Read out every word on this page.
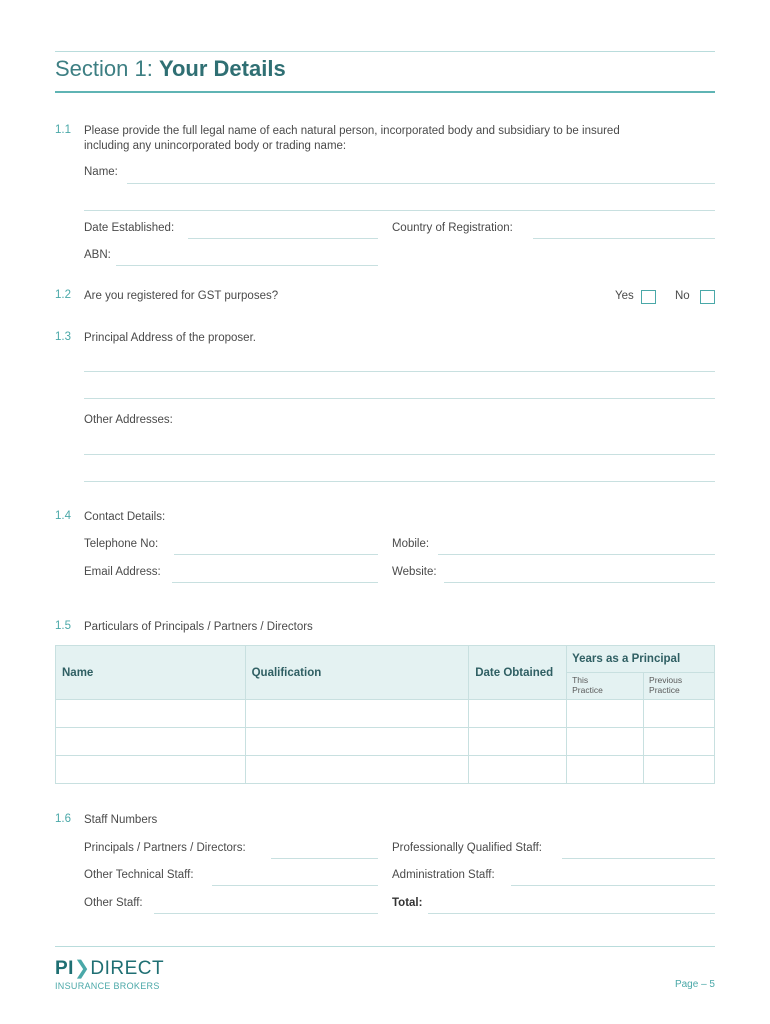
Section 1: Your Details
1.1 Please provide the full legal name of each natural person, incorporated body and subsidiary to be insured including any unincorporated body or trading name:
Name:
Date Established:	Country of Registration:
ABN:
1.2 Are you registered for GST purposes?	Yes	No
1.3 Principal Address of the proposer.
Other Addresses:
1.4 Contact Details:
Telephone No:	Mobile:
Email Address:	Website:
1.5 Particulars of Principals / Partners / Directors
Name	Qualification	Date Obtained	Years as a Principal	

			This Practice	Previous Practice

1.6 Staff Numbers
Principals / Partners / Directors:	Professionally Qualified Staff:
Other Technical Staff:	Administration Staff:
Other Staff:	Total:
PI❯DIRECT
INSURANCE BROKERS	Page – 5
